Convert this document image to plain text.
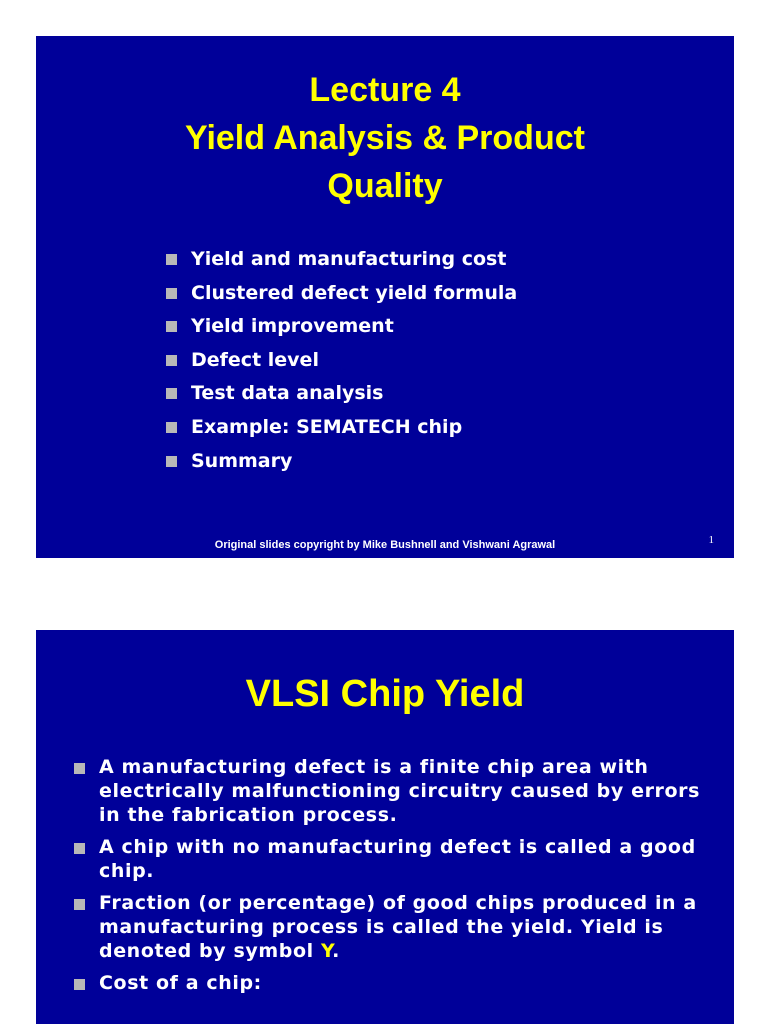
Lecture 4
Yield Analysis & Product
Quality
Yield and manufacturing cost
Clustered defect yield formula
Yield improvement
Defect level
Test data analysis
Example: SEMATECH chip
Summary
Original slides copyright by Mike Bushnell and Vishwani Agrawal	1
VLSI Chip Yield
A manufacturing defect is a finite chip area with electrically malfunctioning circuitry caused by errors in the fabrication process.
A chip with no manufacturing defect is called a good chip.
Fraction (or percentage) of good chips produced in a manufacturing process is called the yield. Yield is denoted by symbol Y.
Cost of a chip:
